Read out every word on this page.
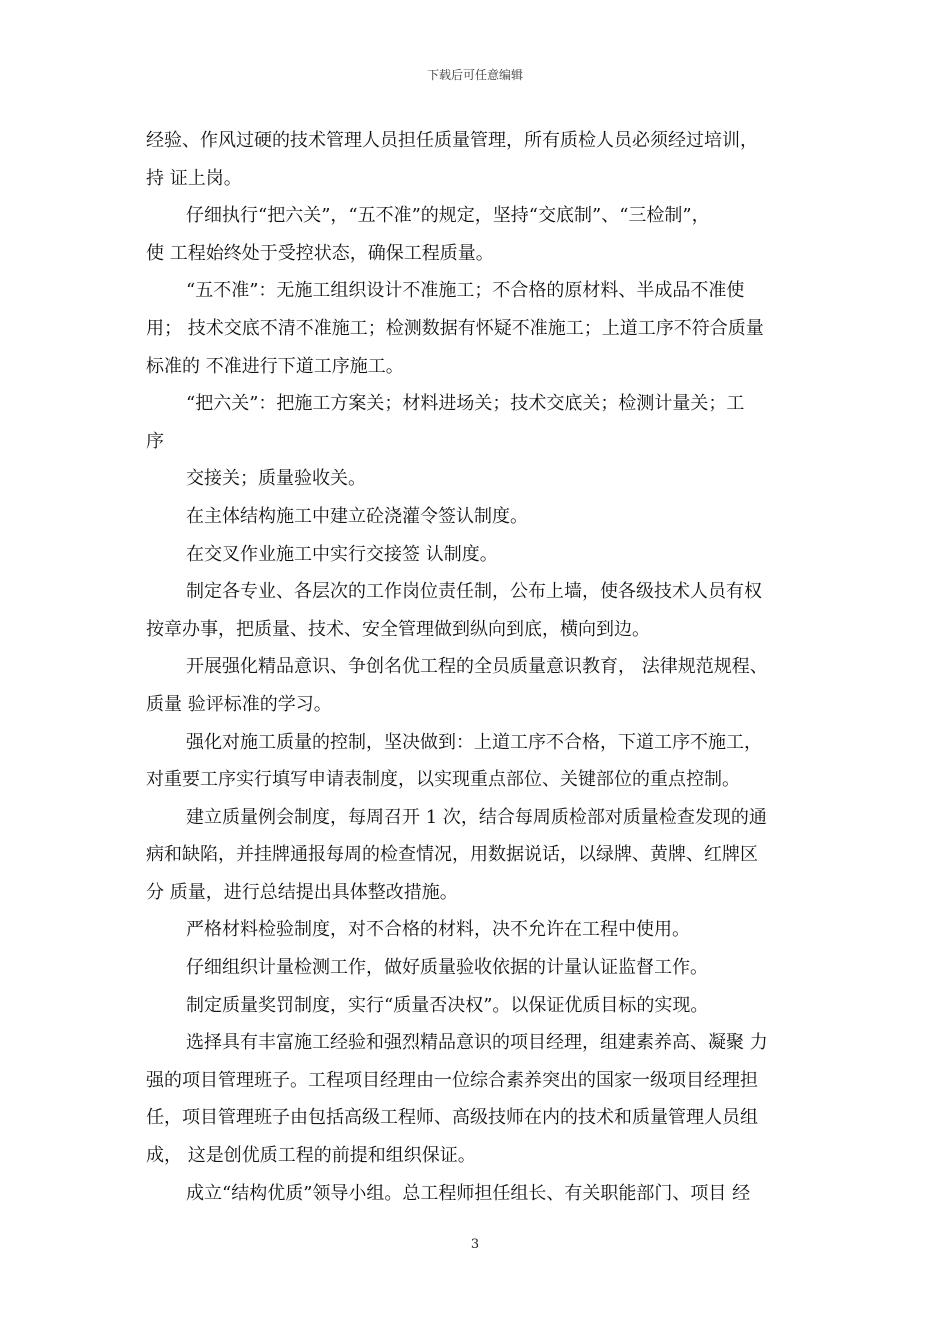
下载后可任意编辑
经验、作风过硬的技术管理人员担任质量管理，所有质检人员必须经过培训，
持 证上岗。
仔细执行“把六关”，“五不准”的规定，坚持“交底制”、“三检制”，
使 工程始终处于受控状态，确保工程质量。
“五不准”：无施工组织设计不准施工；不合格的原材料、半成品不准使
用； 技术交底不清不准施工；检测数据有怀疑不准施工；上道工序不符合质量
标准的 不准进行下道工序施工。
“把六关”：把施工方案关；材料进场关；技术交底关；检测计量关；工
序
交接关；质量验收关。
在主体结构施工中建立砼浇灌令签认制度。
在交叉作业施工中实行交接签 认制度。
制定各专业、各层次的工作岗位责任制，公布上墙，使各级技术人员有权
按章办事，把质量、技术、安全管理做到纵向到底，横向到边。
开展强化精品意识、争创名优工程的全员质量意识教育， 法律规范规程、
质量 验评标准的学习。
强化对施工质量的控制，坚决做到：上道工序不合格，下道工序不施工，
对重要工序实行填写申请表制度，以实现重点部位、关键部位的重点控制。
建立质量例会制度，每周召开 1 次，结合每周质检部对质量检查发现的通
病和缺陷，并挂牌通报每周的检查情况，用数据说话，以绿牌、黄牌、红牌区
分 质量，进行总结提出具体整改措施。
严格材料检验制度，对不合格的材料，决不允许在工程中使用。
仔细组织计量检测工作，做好质量验收依据的计量认证监督工作。
制定质量奖罚制度，实行“质量否决权”。以保证优质目标的实现。
选择具有丰富施工经验和强烈精品意识的项目经理，组建素养高、凝聚 力
强的项目管理班子。工程项目经理由一位综合素养突出的国家一级项目经理担
任，项目管理班子由包括高级工程师、高级技师在内的技术和质量管理人员组
成， 这是创优质工程的前提和组织保证。
成立“结构优质”领导小组。总工程师担任组长、有关职能部门、项目 经
3
